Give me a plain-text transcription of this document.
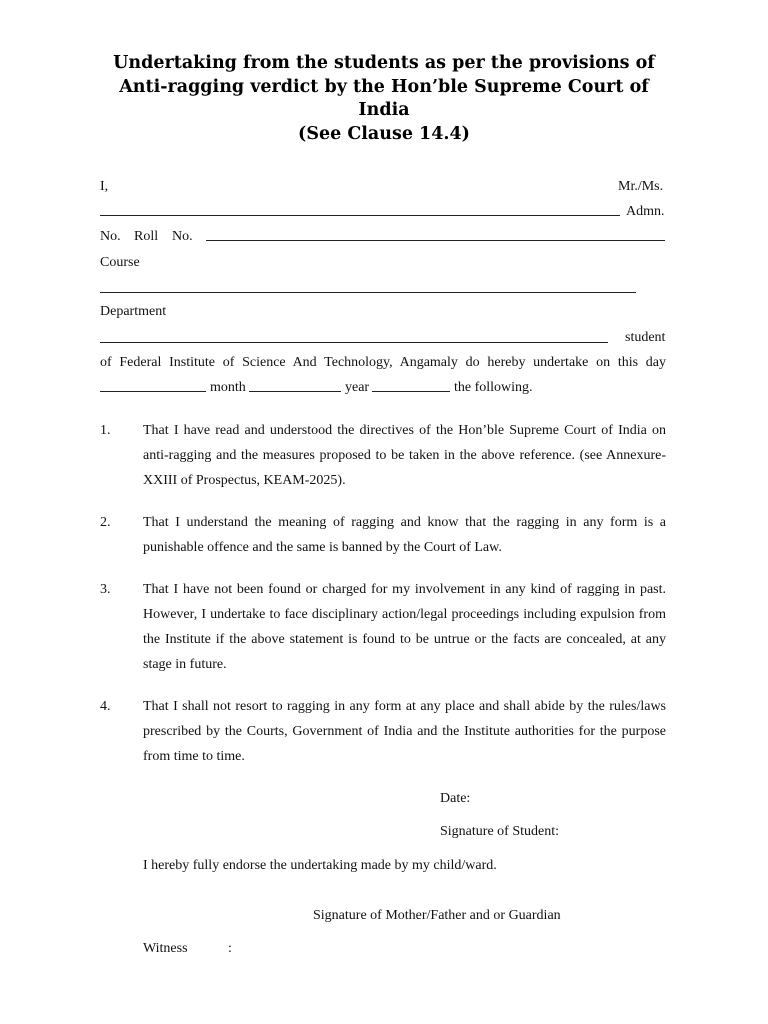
Undertaking from the students as per the provisions of
Anti-ragging verdict by the Hon’ble Supreme Court of
India
(See Clause 14.4)
I,	Mr./Ms.
Admn.
No. Roll No.
Course
Department
student
of Federal Institute of Science And Technology, Angamaly do hereby undertake on this day
month	year	the following.
1. That I have read and understood the directives of the Hon’ble Supreme Court of India on anti-ragging and the measures proposed to be taken in the above reference. (see Annexure-XXIII of Prospectus, KEAM-2025).
2. That I understand the meaning of ragging and know that the ragging in any form is a punishable offence and the same is banned by the Court of Law.
3. That I have not been found or charged for my involvement in any kind of ragging in past. However, I undertake to face disciplinary action/legal proceedings including expulsion from the Institute if the above statement is found to be untrue or the facts are concealed, at any stage in future.
4. That I shall not resort to ragging in any form at any place and shall abide by the rules/laws prescribed by the Courts, Government of India and the Institute authorities for the purpose from time to time.
Date:
Signature of Student:
I hereby fully endorse the undertaking made by my child/ward.
Signature of Mother/Father and or Guardian
Witness	:
